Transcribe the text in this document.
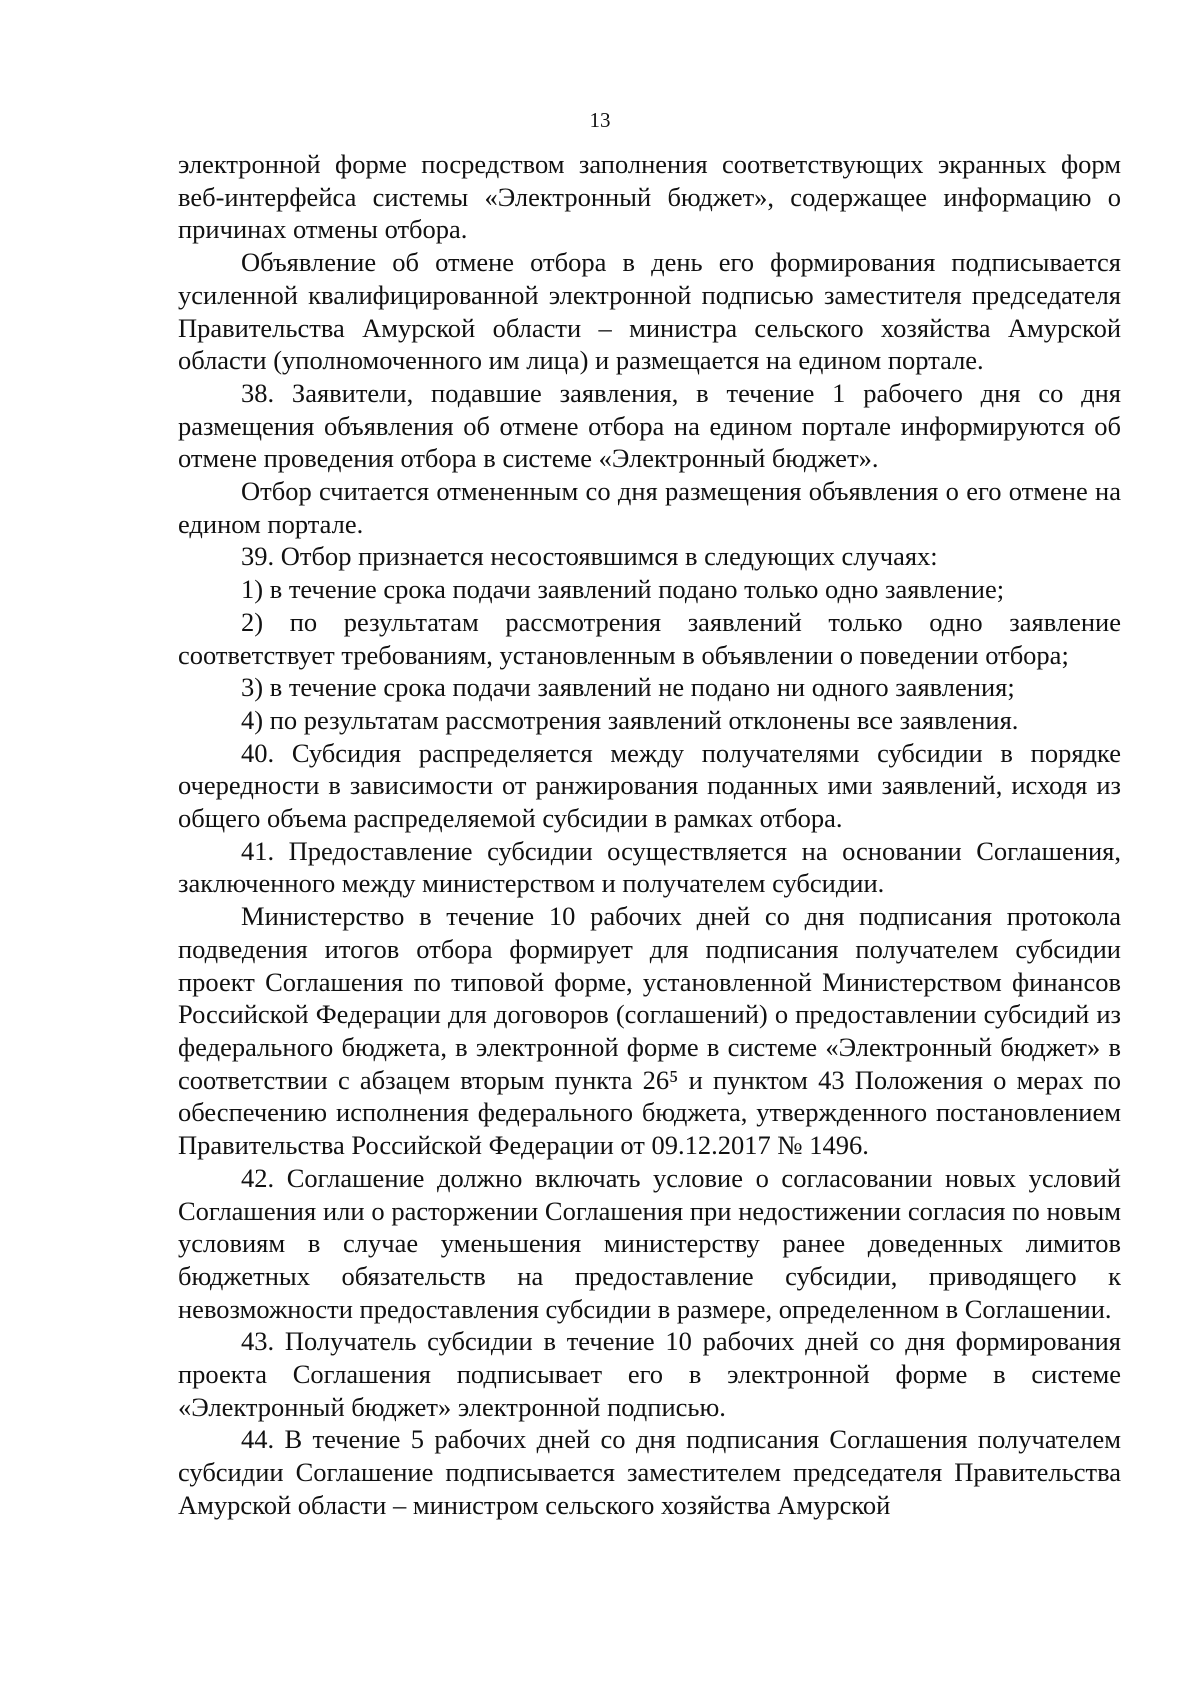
13

электронной форме посредством заполнения соответствующих экранных форм веб-интерфейса системы «Электронный бюджет», содержащее информацию о причинах отмены отбора.

Объявление об отмене отбора в день его формирования подписывается усиленной квалифицированной электронной подписью заместителя председателя Правительства Амурской области – министра сельского хозяйства Амурской области (уполномоченного им лица) и размещается на едином портале.

38. Заявители, подавшие заявления, в течение 1 рабочего дня со дня размещения объявления об отмене отбора на едином портале информируются об отмене проведения отбора в системе «Электронный бюджет».

Отбор считается отмененным со дня размещения объявления о его отмене на едином портале.

39. Отбор признается несостоявшимся в следующих случаях:

1) в течение срока подачи заявлений подано только одно заявление;

2) по результатам рассмотрения заявлений только одно заявление соответствует требованиям, установленным в объявлении о поведении отбора;

3) в течение срока подачи заявлений не подано ни одного заявления;

4) по результатам рассмотрения заявлений отклонены все заявления.

40. Субсидия распределяется между получателями субсидии в порядке очередности в зависимости от ранжирования поданных ими заявлений, исходя из общего объема распределяемой субсидии в рамках отбора.

41. Предоставление субсидии осуществляется на основании Соглашения, заключенного между министерством и получателем субсидии.

Министерство в течение 10 рабочих дней со дня подписания протокола подведения итогов отбора формирует для подписания получателем субсидии проект Соглашения по типовой форме, установленной Министерством финансов Российской Федерации для договоров (соглашений) о предоставлении субсидий из федерального бюджета, в электронной форме в системе «Электронный бюджет» в соответствии с абзацем вторым пункта 26⁵ и пунктом 43 Положения о мерах по обеспечению исполнения федерального бюджета, утвержденного постановлением Правительства Российской Федерации от 09.12.2017 № 1496.

42. Соглашение должно включать условие о согласовании новых условий Соглашения или о расторжении Соглашения при недостижении согласия по новым условиям в случае уменьшения министерству ранее доведенных лимитов бюджетных обязательств на предоставление субсидии, приводящего к невозможности предоставления субсидии в размере, определенном в Соглашении.

43. Получатель субсидии в течение 10 рабочих дней со дня формирования проекта Соглашения подписывает его в электронной форме в системе «Электронный бюджет» электронной подписью.

44. В течение 5 рабочих дней со дня подписания Соглашения получателем субсидии Соглашение подписывается заместителем председателя Правительства Амурской области – министром сельского хозяйства Амурской
